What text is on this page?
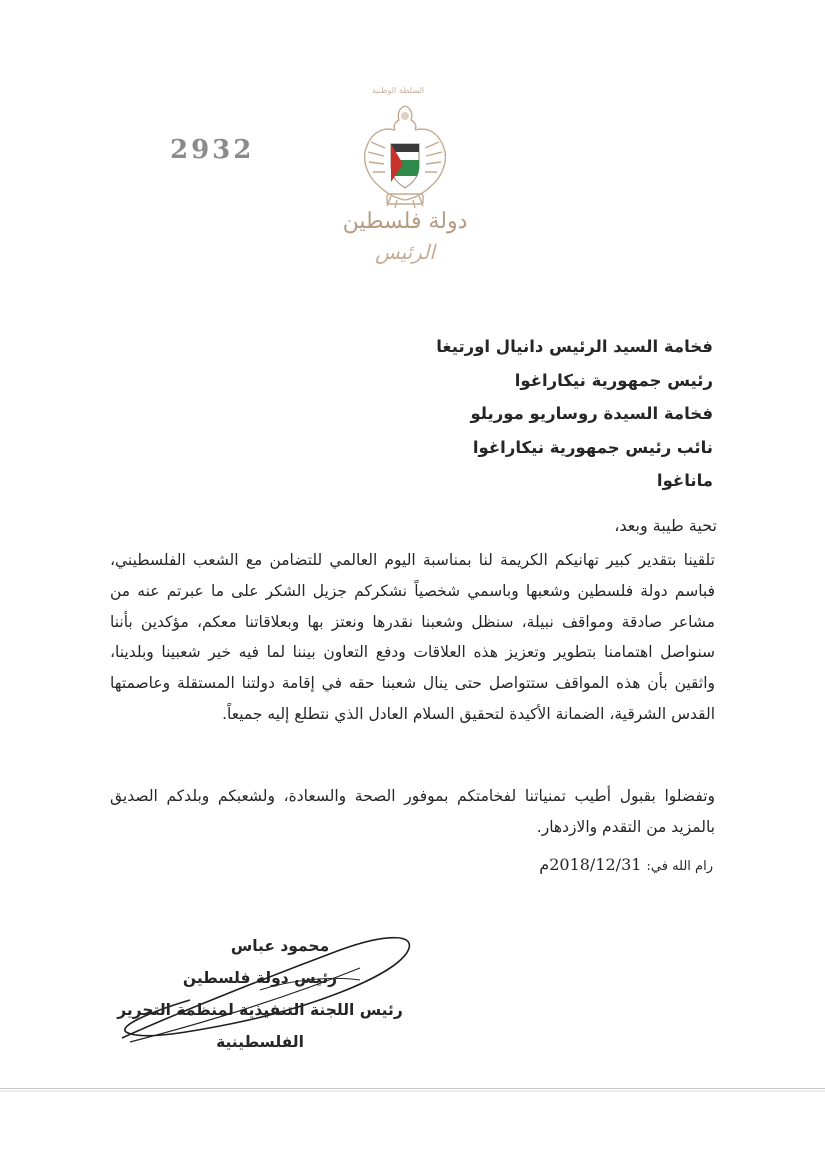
السلطة الوطنية
2932
دولة فلسطين
الرئيس
فخامة السيد الرئيس دانيال اورتيغا
رئيس جمهورية نيكاراغوا
فخامة السيدة روساريو موريلو
نائب رئيس جمهورية نيكاراغوا
ماناغوا
تحية طيبة وبعد،
تلقينا بتقدير كبير تهانيكم الكريمة لنا بمناسبة اليوم العالمي للتضامن مع الشعب الفلسطيني، فباسم دولة فلسطين وشعبها وباسمي شخصياً نشكركم جزيل الشكر على ما عبرتم عنه من مشاعر صادقة ومواقف نبيلة، سنظل وشعبنا نقدرها ونعتز بها وبعلاقاتنا معكم، مؤكدين بأننا سنواصل اهتمامنا بتطوير وتعزيز هذه العلاقات ودفع التعاون بيننا لما فيه خير شعبينا وبلدينا، واثقين بأن هذه المواقف ستتواصل حتى ينال شعبنا حقه في إقامة دولتنا المستقلة وعاصمتها القدس الشرقية، الضمانة الأكيدة لتحقيق السلام العادل الذي نتطلع إليه جميعاً.
وتفضلوا بقبول أطيب تمنياتنا لفخامتكم بموفور الصحة والسعادة، ولشعبكم وبلدكم الصديق بالمزيد من التقدم والازدهار.
رام الله في: 2018/12/31م
محمود عباس
رئيس دولة فلسطين
رئيس اللجنة التنفيذية لمنظمة التحرير الفلسطينية
